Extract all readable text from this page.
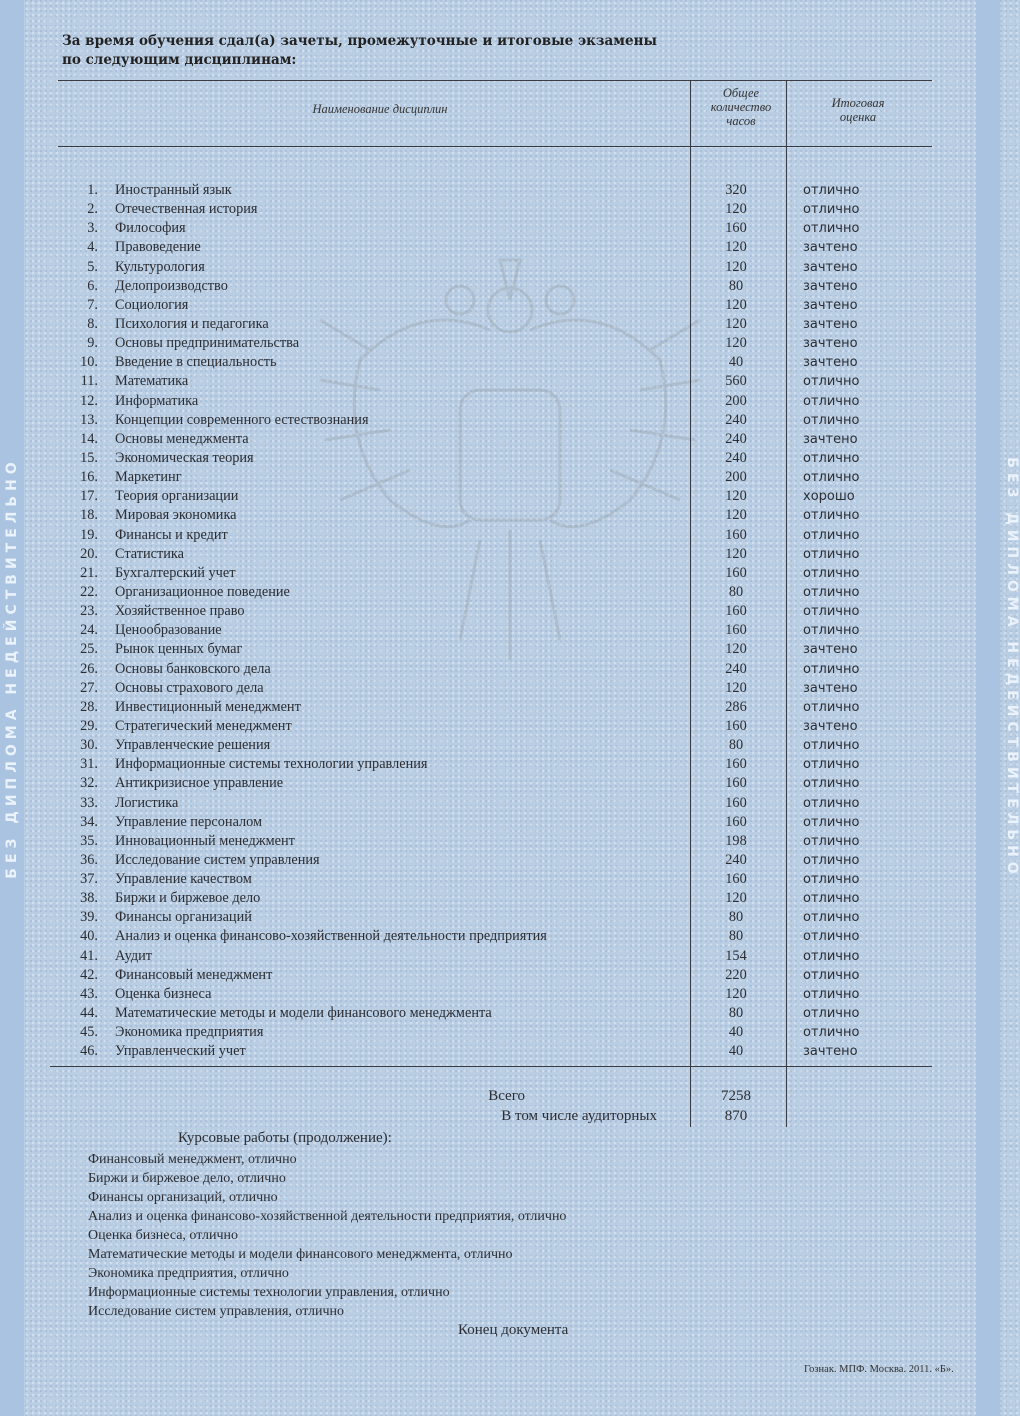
БЕЗ ДИПЛОМА НЕДЕЙСТВИТЕЛЬНО	БЕЗ ДИПЛОМА НЕДЕЙСТВИТЕЛЬНО
За время обучения сдал(а) зачеты, промежуточные и итоговые экзамены
по следующим дисциплинам:
Наименование дисциплин
Общее
количество
часов
Итоговая
оценка
1. Иностранный язык	320	отлично
2. Отечественная история	120	отлично
3. Философия	160	отлично
4. Правоведение	120	зачтено
5. Культурология	120	зачтено
6. Делопроизводство	80	зачтено
7. Социология	120	зачтено
8. Психология и педагогика	120	зачтено
9. Основы предпринимательства	120	зачтено
10. Введение в специальность	40	зачтено
11. Математика	560	отлично
12. Информатика	200	отлично
13. Концепции современного естествознания	240	отлично
14. Основы менеджмента	240	зачтено
15. Экономическая теория	240	отлично
16. Маркетинг	200	отлично
17. Теория организации	120	хорошо
18. Мировая экономика	120	отлично
19. Финансы и кредит	160	отлично
20. Статистика	120	отлично
21. Бухгалтерский учет	160	отлично
22. Организационное поведение	80	отлично
23. Хозяйственное право	160	отлично
24. Ценообразование	160	отлично
25. Рынок ценных бумаг	120	зачтено
26. Основы банковского дела	240	отлично
27. Основы страхового дела	120	зачтено
28. Инвестиционный менеджмент	286	отлично
29. Стратегический менеджмент	160	зачтено
30. Управленческие решения	80	отлично
31. Информационные системы технологии управления	160	отлично
32. Антикризисное управление	160	отлично
33. Логистика	160	отлично
34. Управление персоналом	160	отлично
35. Инновационный менеджмент	198	отлично
36. Исследование систем управления	240	отлично
37. Управление качеством	160	отлично
38. Биржи и биржевое дело	120	отлично
39. Финансы организаций	80	отлично
40. Анализ и оценка финансово-хозяйственной деятельности предприятия	80	отлично
41. Аудит	154	отлично
42. Финансовый менеджмент	220	отлично
43. Оценка бизнеса	120	отлично
44. Математические методы и модели финансового менеджмента	80	отлично
45. Экономика предприятия	40	отлично
46. Управленческий учет	40	зачтено
Всего	7258
В том числе аудиторных	870
Курсовые работы (продолжение):
Финансовый менеджмент, отлично
Биржи и биржевое дело, отлично
Финансы организаций, отлично
Анализ и оценка финансово-хозяйственной деятельности предприятия, отлично
Оценка бизнеса, отлично
Математические методы и модели финансового менеджмента, отлично
Экономика предприятия, отлично
Информационные системы технологии управления, отлично
Исследование систем управления, отлично
Конец документа
Гознак. МПФ. Москва. 2011. «Б».
